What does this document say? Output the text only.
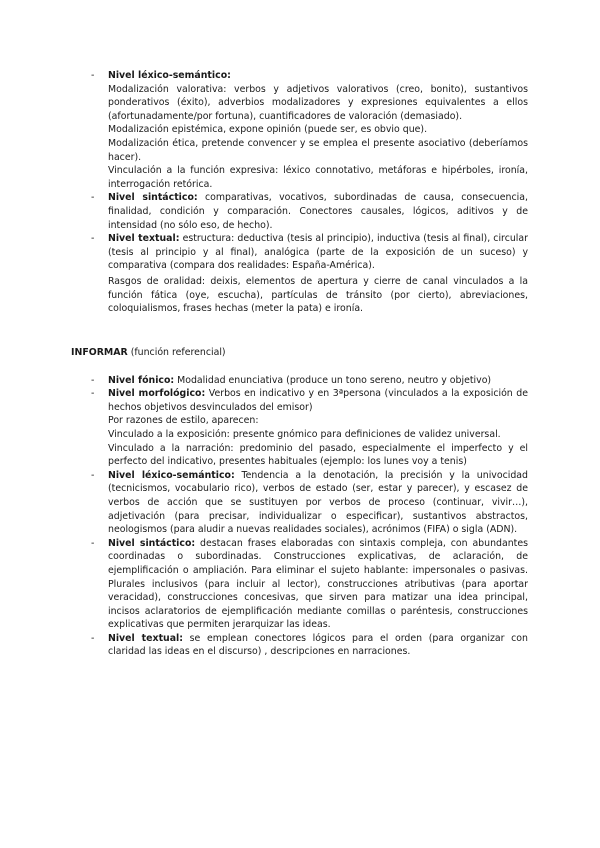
- Nivel léxico-semántico:

Modalización valorativa: verbos y adjetivos valorativos (creo, bonito), sustantivos ponderativos (éxito), adverbios modalizadores y expresiones equivalentes a ellos (afortunadamente/por fortuna), cuantificadores de valoración (demasiado).

Modalización epistémica, expone opinión (puede ser, es obvio que).

Modalización ética, pretende convencer y se emplea el presente asociativo (deberíamos hacer).

Vinculación a la función expresiva: léxico connotativo, metáforas e hipérboles, ironía, interrogación retórica.

- Nivel sintáctico: comparativas, vocativos, subordinadas de causa, consecuencia, finalidad, condición y comparación. Conectores causales, lógicos, aditivos y de intensidad (no sólo eso, de hecho).

- Nivel textual: estructura: deductiva (tesis al principio), inductiva (tesis al final), circular (tesis al principio y al final), analógica (parte de la exposición de un suceso) y comparativa (compara dos realidades: España-América).

Rasgos de oralidad: deixis, elementos de apertura y cierre de canal vinculados a la función fática (oye, escucha), partículas de tránsito (por cierto), abreviaciones, coloquialismos, frases hechas (meter la pata) e ironía.

INFORMAR (función referencial)

- Nivel fónico: Modalidad enunciativa (produce un tono sereno, neutro y objetivo)

- Nivel morfológico: Verbos en indicativo y en 3ªpersona (vinculados a la exposición de hechos objetivos desvinculados del emisor)

Por razones de estilo, aparecen:

Vinculado a la exposición: presente gnómico para definiciones de validez universal.

Vinculado a la narración: predominio del pasado, especialmente el imperfecto y el perfecto del indicativo, presentes habituales (ejemplo: los lunes voy a tenis)

- Nivel léxico-semántico: Tendencia a la denotación, la precisión y la univocidad (tecnicismos, vocabulario rico), verbos de estado (ser, estar y parecer), y escasez de verbos de acción que se sustituyen por verbos de proceso (continuar, vivir…), adjetivación (para precisar, individualizar o especificar), sustantivos abstractos, neologismos (para aludir a nuevas realidades sociales), acrónimos (FIFA) o sigla (ADN).

- Nivel sintáctico: destacan frases elaboradas con sintaxis compleja, con abundantes coordinadas o subordinadas. Construcciones explicativas, de aclaración, de ejemplificación o ampliación. Para eliminar el sujeto hablante: impersonales o pasivas. Plurales inclusivos (para incluir al lector), construcciones atributivas (para aportar veracidad), construcciones concesivas, que sirven para matizar una idea principal, incisos aclaratorios de ejemplificación mediante comillas o paréntesis, construcciones explicativas que permiten jerarquizar las ideas.

- Nivel textual: se emplean conectores lógicos para el orden (para organizar con claridad las ideas en el discurso) , descripciones en narraciones.
